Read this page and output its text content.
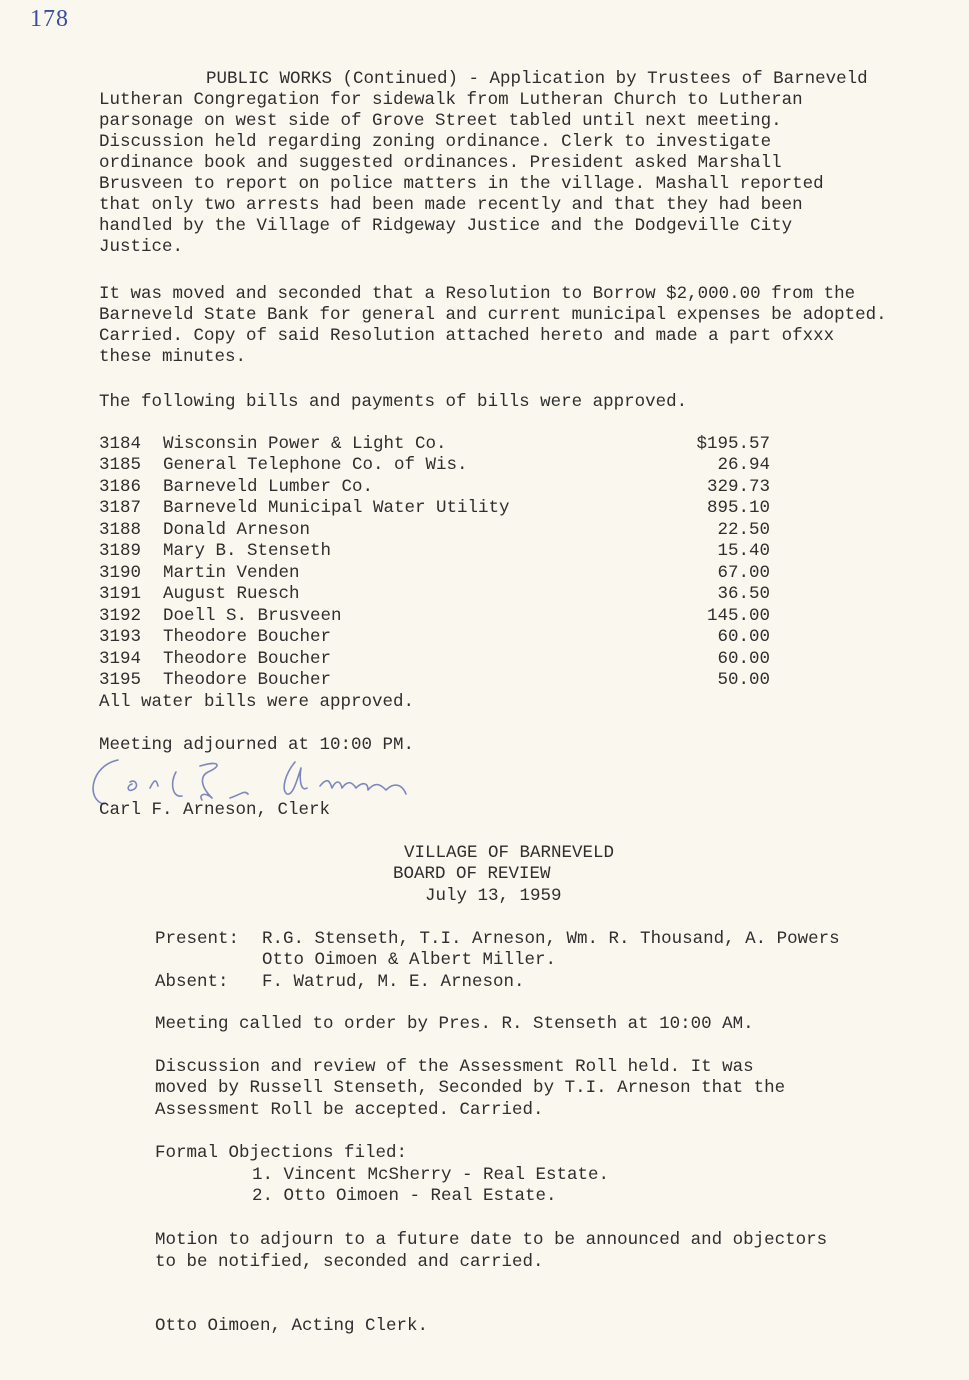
178
PUBLIC WORKS (Continued) - Application by Trustees of Barneveld
Lutheran Congregation for sidewalk from Lutheran Church to Lutheran
parsonage on west side of Grove Street tabled until next meeting.
Discussion held regarding zoning ordinance. Clerk to investigate
ordinance book and suggested ordinances. President asked Marshall
Brusveen to report on police matters in the village. Mashall reported
that only two arrests had been made recently and that they had been
handled by the Village of Ridgeway Justice and the Dodgeville City
Justice.
It was moved and seconded that a Resolution to Borrow $2,000.00 from the
Barneveld State Bank for general and current municipal expenses be adopted.
Carried. Copy of said Resolution attached hereto and made a part ofxxx
these minutes.
The following bills and payments of bills were approved.
3184 Wisconsin Power & Light Co.	$195.57
3185 General Telephone Co. of Wis.	26.94
3186 Barneveld Lumber Co.	329.73
3187 Barneveld Municipal Water Utility	895.10
3188 Donald Arneson	22.50
3189 Mary B. Stenseth	15.40
3190 Martin Venden	67.00
3191 August Ruesch	36.50
3192 Doell S. Brusveen	145.00
3193 Theodore Boucher	60.00
3194 Theodore Boucher	60.00
3195 Theodore Boucher	50.00
All water bills were approved.
Meeting adjourned at 10:00 PM.
Carl F. Arneson, Clerk
VILLAGE OF BARNEVELD
BOARD OF REVIEW
July 13, 1959
Present: R.G. Stenseth, T.I. Arneson, Wm. R. Thousand, A. Powers
Otto Oimoen & Albert Miller.
Absent: F. Watrud, M. E. Arneson.
Meeting called to order by Pres. R. Stenseth at 10:00 AM.
Discussion and review of the Assessment Roll held. It was
moved by Russell Stenseth, Seconded by T.I. Arneson that the
Assessment Roll be accepted. Carried.
Formal Objections filed:
1. Vincent McSherry - Real Estate.
2. Otto Oimoen - Real Estate.
Motion to adjourn to a future date to be announced and objectors
to be notified, seconded and carried.
Otto Oimoen, Acting Clerk.
